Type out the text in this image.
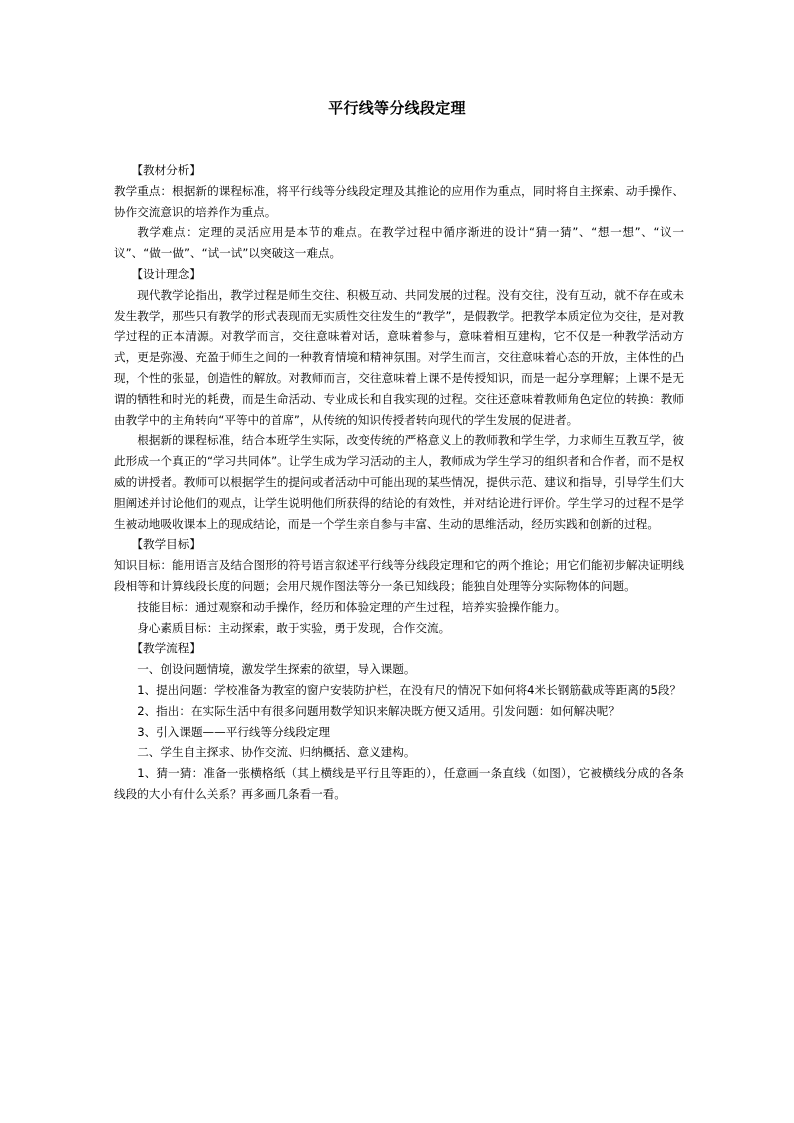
平行线等分线段定理

【教材分析】

教学重点：根据新的课程标准，将平行线等分线段定理及其推论的应用作为重点，同时将自主探索、动手操作、协作交流意识的培养作为重点。

教学难点：定理的灵活应用是本节的难点。在教学过程中循序渐进的设计“猜一猜”、“想一想”、“议一议”、“做一做”、“试一试”以突破这一难点。

【设计理念】

现代教学论指出，教学过程是师生交往、积极互动、共同发展的过程。没有交往，没有互动，就不存在或未发生教学，那些只有教学的形式表现而无实质性交往发生的“教学”，是假教学。把教学本质定位为交往，是对教学过程的正本清源。对教学而言，交往意味着对话，意味着参与，意味着相互建构，它不仅是一种教学活动方式，更是弥漫、充盈于师生之间的一种教育情境和精神氛围。对学生而言，交往意味着心态的开放，主体性的凸现，个性的张显，创造性的解放。对教师而言，交往意味着上课不是传授知识，而是一起分享理解；上课不是无谓的牺牲和时光的耗费，而是生命活动、专业成长和自我实现的过程。交往还意味着教师角色定位的转换：教师由教学中的主角转向“平等中的首席”，从传统的知识传授者转向现代的学生发展的促进者。

根据新的课程标准，结合本班学生实际，改变传统的严格意义上的教师教和学生学，力求师生互教互学，彼此形成一个真正的“学习共同体”。让学生成为学习活动的主人，教师成为学生学习的组织者和合作者，而不是权威的讲授者。教师可以根据学生的提问或者活动中可能出现的某些情况，提供示范、建议和指导，引导学生们大胆阐述并讨论他们的观点，让学生说明他们所获得的结论的有效性，并对结论进行评价。学生学习的过程不是学生被动地吸收课本上的现成结论，而是一个学生亲自参与丰富、生动的思维活动，经历实践和创新的过程。

【教学目标】

知识目标：能用语言及结合图形的符号语言叙述平行线等分线段定理和它的两个推论；用它们能初步解决证明线段相等和计算线段长度的问题；会用尺规作图法等分一条已知线段；能独自处理等分实际物体的问题。

技能目标：通过观察和动手操作，经历和体验定理的产生过程，培养实验操作能力。

身心素质目标：主动探索，敢于实验，勇于发现，合作交流。

【教学流程】

一、创设问题情境，激发学生探索的欲望，导入课题。

1、提出问题：学校准备为教室的窗户安装防护栏，在没有尺的情况下如何将4米长钢筋截成等距离的5段？

2、指出：在实际生活中有很多问题用数学知识来解决既方便又适用。引发问题：如何解决呢？

3、引入课题——平行线等分线段定理

二、学生自主探求、协作交流、归纳概括、意义建构。

1、猜一猜：准备一张横格纸（其上横线是平行且等距的），任意画一条直线（如图），它被横线分成的各条线段的大小有什么关系？再多画几条看一看。
